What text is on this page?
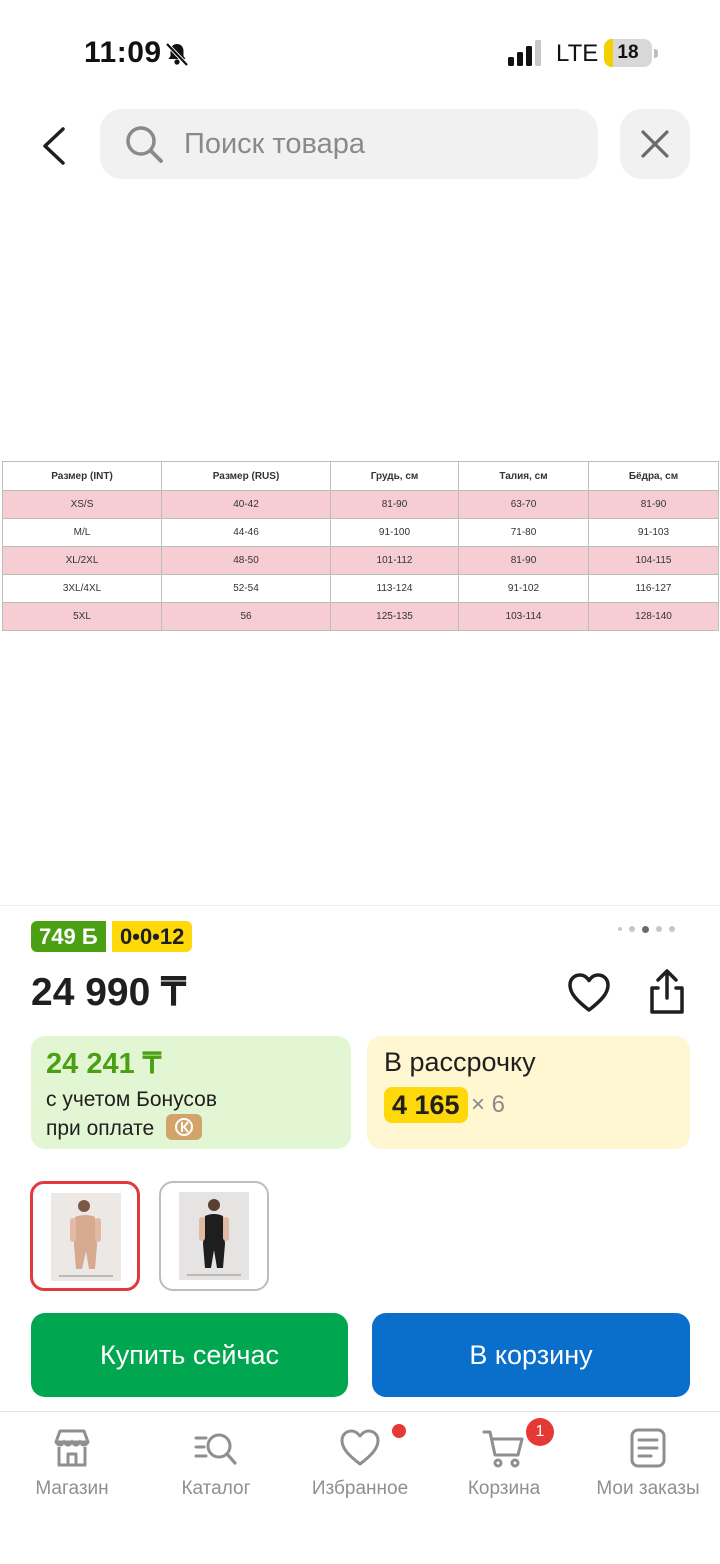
11:09	LTE	18
Поиск товара
Размер (INT)	Размер (RUS)	Грудь, см	Талия, см	Бёдра, см
XS/S	40-42	81-90	63-70	81-90
M/L	44-46	91-100	71-80	91-103
XL/2XL	48-50	101-112	81-90	104-115
3XL/4XL	52-54	113-124	91-102	116-127
5XL	56	125-135	103-114	128-140
749 Б	0•0•12
24 990 ₸
24 241 ₸
с учетом Бонусов
при оплате
В рассрочку
4 165 × 6
Купить сейчас	В корзину
Магазин	Каталог	Избранное
1
Корзина	Мои заказы
